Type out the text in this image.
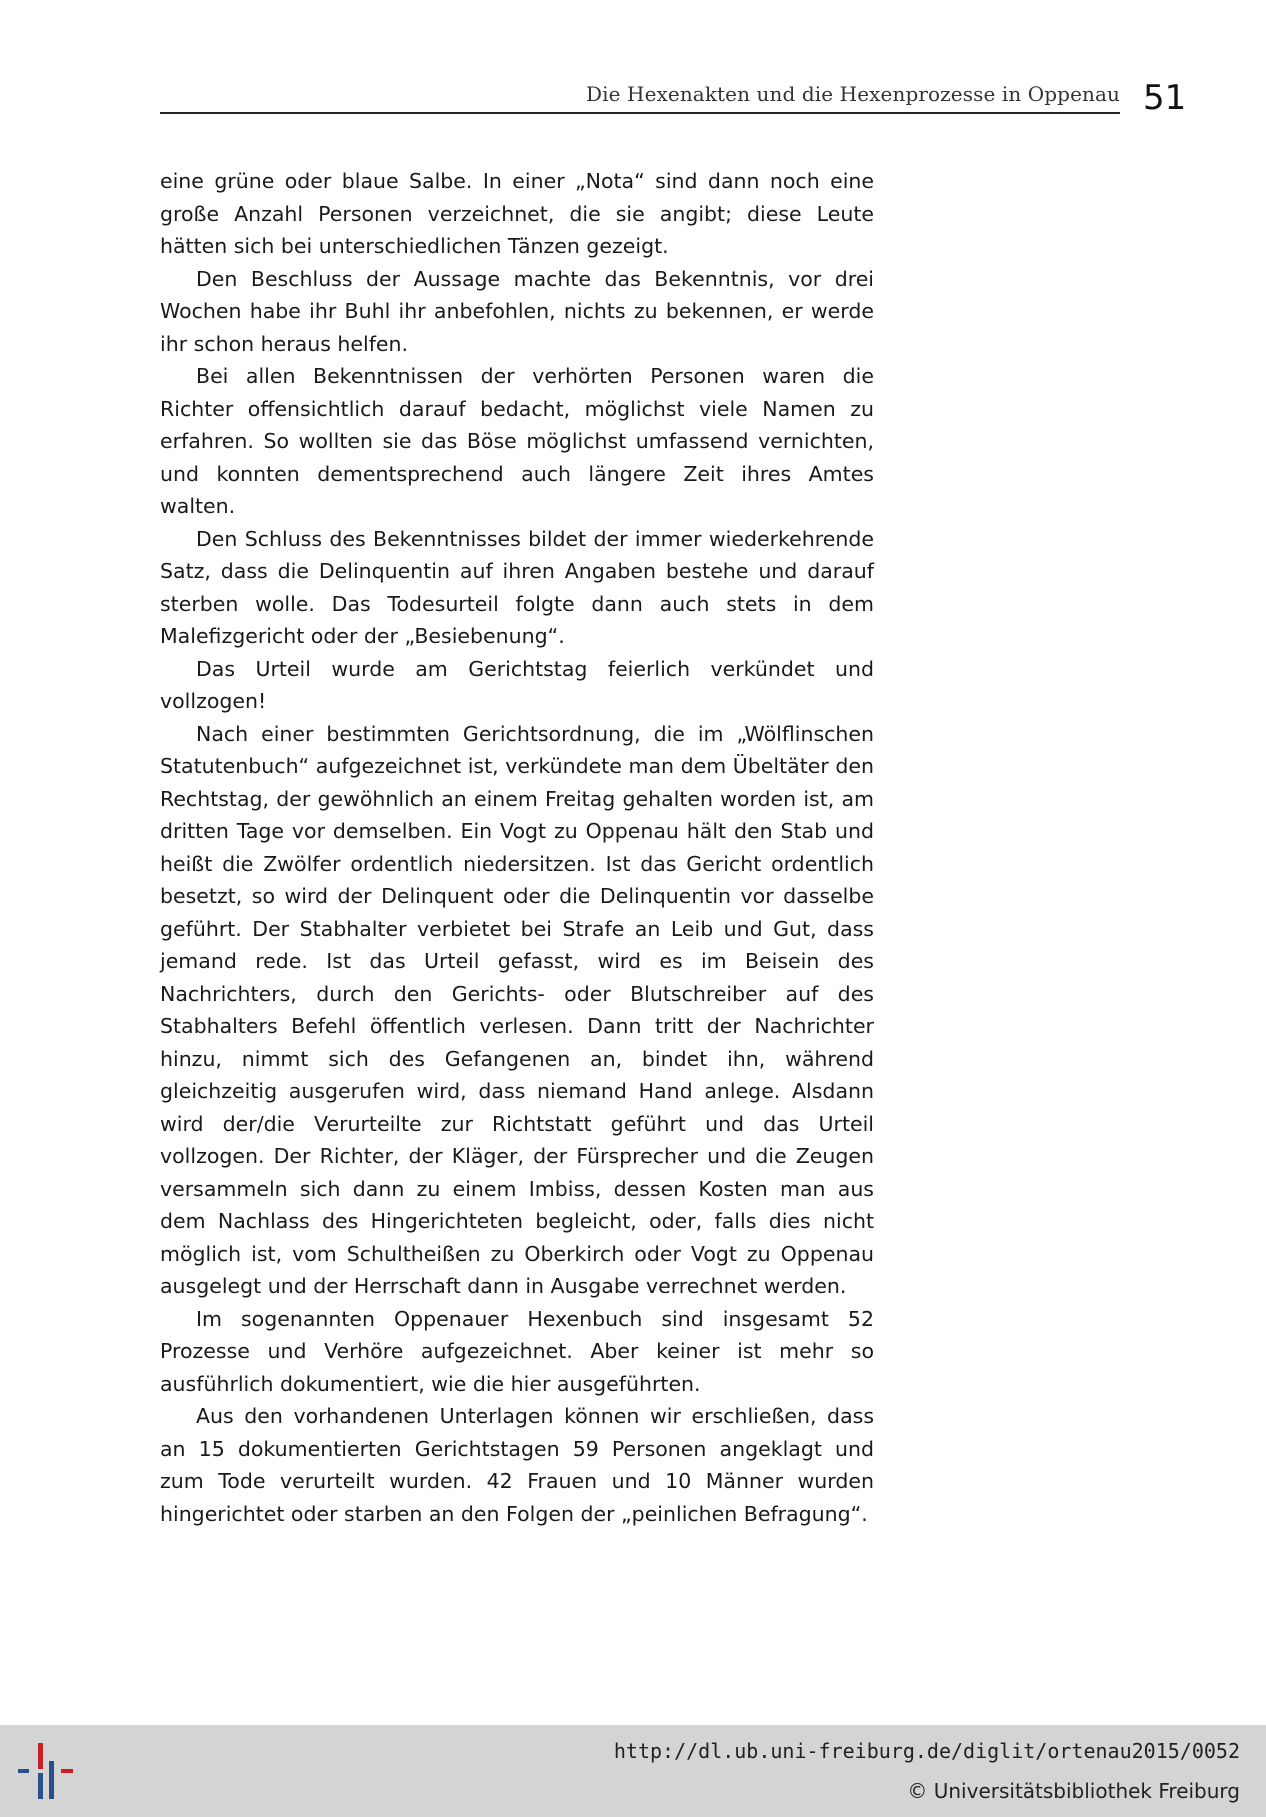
Die Hexenakten und die Hexenprozesse in Oppenau 51

eine grüne oder blaue Salbe. In einer „Nota“ sind dann noch eine große Anzahl Personen verzeichnet, die sie angibt; diese Leute hätten sich bei unterschiedlichen Tänzen gezeigt.

Den Beschluss der Aussage machte das Bekenntnis, vor drei Wochen habe ihr Buhl ihr anbefohlen, nichts zu bekennen, er werde ihr schon heraus helfen.

Bei allen Bekenntnissen der verhörten Personen waren die Richter offensichtlich darauf bedacht, möglichst viele Namen zu erfahren. So wollten sie das Böse möglichst umfassend vernichten, und konnten dementsprechend auch längere Zeit ihres Amtes walten.

Den Schluss des Bekenntnisses bildet der immer wiederkehrende Satz, dass die Delinquentin auf ihren Angaben bestehe und darauf sterben wolle. Das Todesurteil folgte dann auch stets in dem Malefizgericht oder der „Besiebenung“.

Das Urteil wurde am Gerichtstag feierlich verkündet und vollzogen!

Nach einer bestimmten Gerichtsordnung, die im „Wölflinschen Statutenbuch“ aufgezeichnet ist, verkündete man dem Übeltäter den Rechtstag, der gewöhnlich an einem Freitag gehalten worden ist, am dritten Tage vor demselben. Ein Vogt zu Oppenau hält den Stab und heißt die Zwölfer ordentlich niedersitzen. Ist das Gericht ordentlich besetzt, so wird der Delinquent oder die Delinquentin vor dasselbe geführt. Der Stabhalter verbietet bei Strafe an Leib und Gut, dass jemand rede. Ist das Urteil gefasst, wird es im Beisein des Nachrichters, durch den Gerichts- oder Blutschreiber auf des Stabhalters Befehl öffentlich verlesen. Dann tritt der Nachrichter hinzu, nimmt sich des Gefangenen an, bindet ihn, während gleichzeitig ausgerufen wird, dass niemand Hand anlege. Alsdann wird der/die Verurteilte zur Richtstatt geführt und das Urteil vollzogen. Der Richter, der Kläger, der Fürsprecher und die Zeugen versammeln sich dann zu einem Imbiss, dessen Kosten man aus dem Nachlass des Hingerichteten begleicht, oder, falls dies nicht möglich ist, vom Schultheißen zu Oberkirch oder Vogt zu Oppenau ausgelegt und der Herrschaft dann in Ausgabe verrechnet werden.

Im sogenannten Oppenauer Hexenbuch sind insgesamt 52 Prozesse und Verhöre aufgezeichnet. Aber keiner ist mehr so ausführlich dokumentiert, wie die hier ausgeführten.

Aus den vorhandenen Unterlagen können wir erschließen, dass an 15 dokumentierten Gerichtstagen 59 Personen angeklagt und zum Tode verurteilt wurden. 42 Frauen und 10 Männer wurden hingerichtet oder starben an den Folgen der „peinlichen Befragung“.

http://dl.ub.uni-freiburg.de/diglit/ortenau2015/0052
© Universitätsbibliothek Freiburg
